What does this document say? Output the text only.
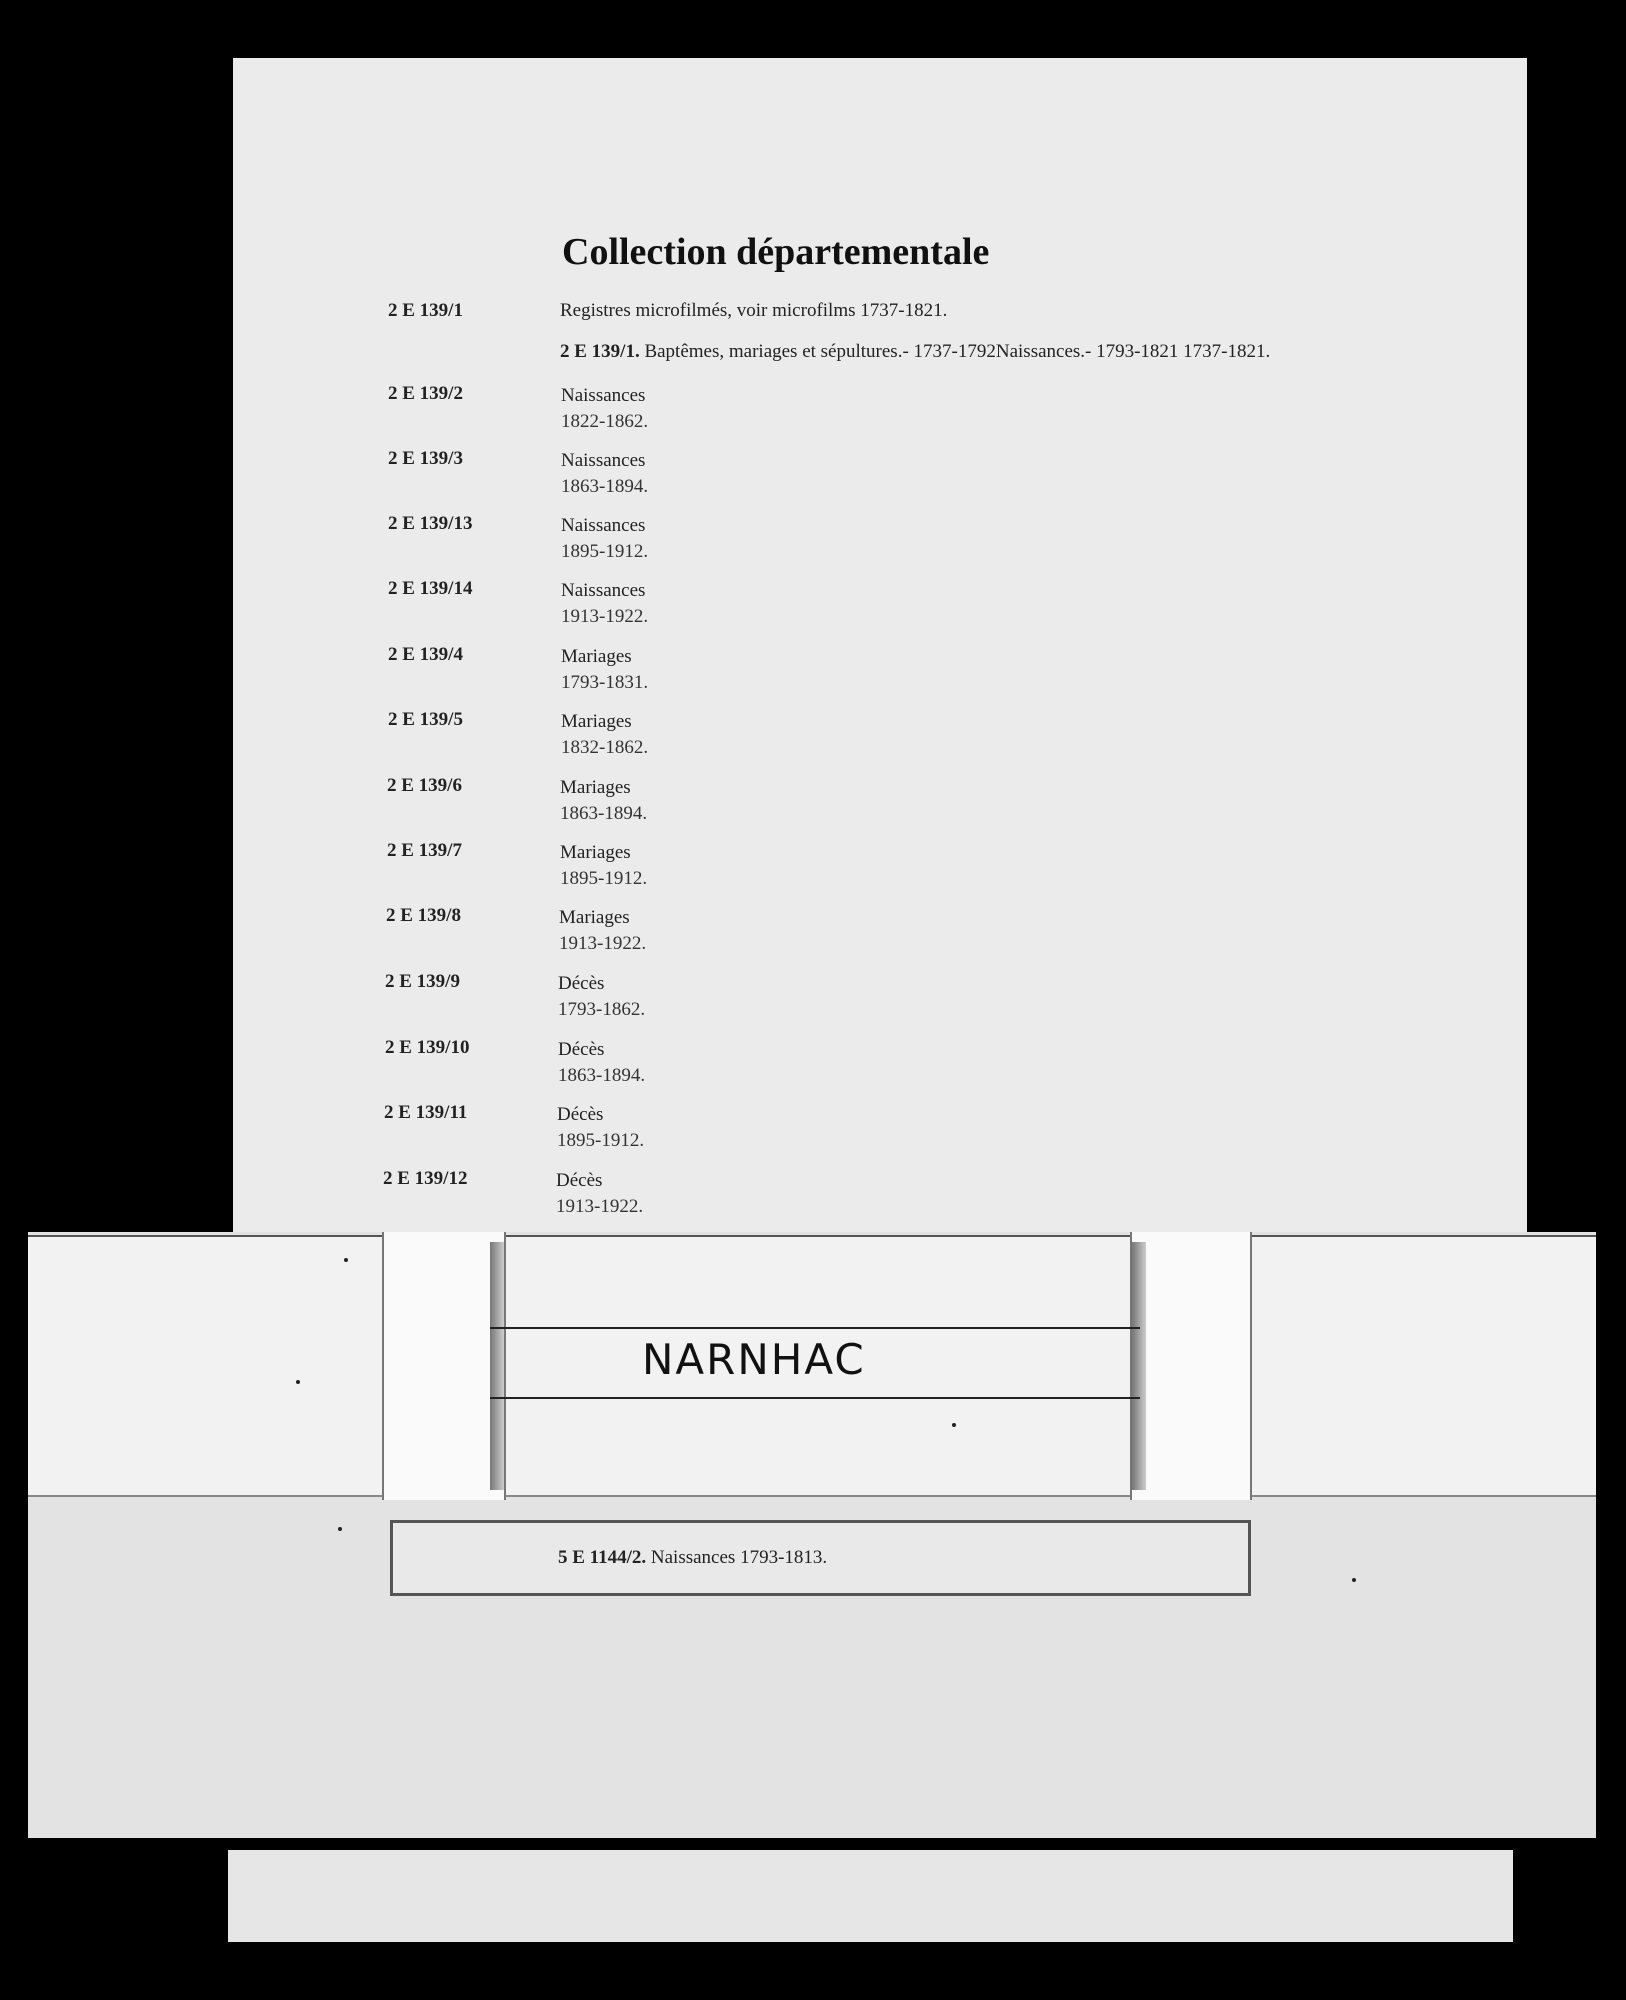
Collection départementale
2 E 139/1	Registres microfilmés, voir microfilms 1737-1821.
2 E 139/1. Baptêmes, mariages et sépultures.- 1737-1792Naissances.- 1793-1821 1737-1821.
2 E 139/2	Naissances
1822-1862.
2 E 139/3	Naissances
1863-1894.
2 E 139/13	Naissances
1895-1912.
2 E 139/14	Naissances
1913-1922.
2 E 139/4	Mariages
1793-1831.
2 E 139/5	Mariages
1832-1862.
2 E 139/6	Mariages
1863-1894.
2 E 139/7	Mariages
1895-1912.
2 E 139/8	Mariages
1913-1922.
2 E 139/9	Décès
1793-1862.
2 E 139/10	Décès
1863-1894.
2 E 139/11	Décès
1895-1912.
2 E 139/12	Décès
1913-1922.
NARNHAC
5 E 1144/2. Naissances 1793-1813.
